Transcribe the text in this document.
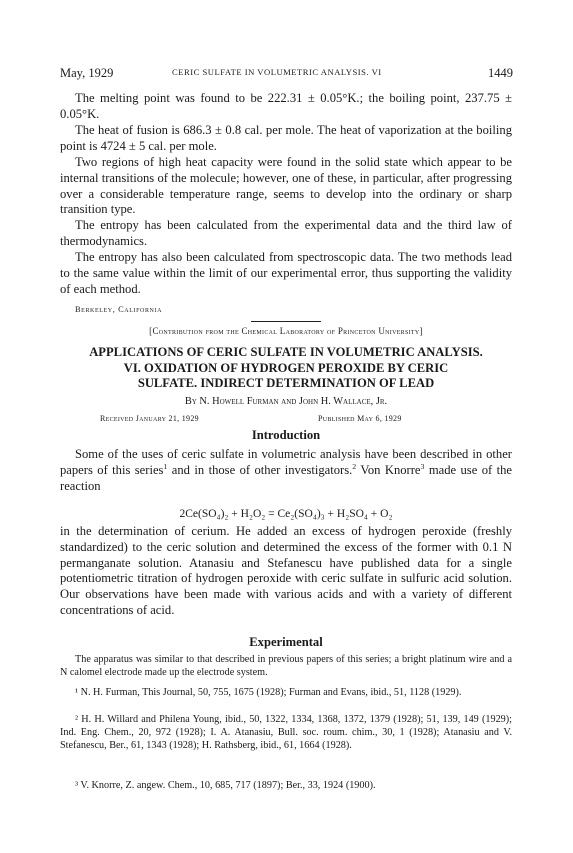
May, 1929	CERIC SULFATE IN VOLUMETRIC ANALYSIS. VI	1449

The melting point was found to be 222.31 ± 0.05°K.; the boiling point, 237.75 ± 0.05°K.

The heat of fusion is 686.3 ± 0.8 cal. per mole. The heat of vaporization at the boiling point is 4724 ± 5 cal. per mole.

Two regions of high heat capacity were found in the solid state which appear to be internal transitions of the molecule; however, one of these, in particular, after progressing over a considerable temperature range, seems to develop into the ordinary or sharp transition type.

The entropy has been calculated from the experimental data and the third law of thermodynamics.

The entropy has also been calculated from spectroscopic data. The two methods lead to the same value within the limit of our experimental error, thus supporting the validity of each method.

Berkeley, California
[Contribution from the Chemical Laboratory of Princeton University]
APPLICATIONS OF CERIC SULFATE IN VOLUMETRIC ANALYSIS.
VI. OXIDATION OF HYDROGEN PEROXIDE BY CERIC
SULFATE. INDIRECT DETERMINATION OF LEAD
By N. Howell Furman and John H. Wallace, Jr.
Received January 21, 1929	Published May 6, 1929
Introduction

Some of the uses of ceric sulfate in volumetric analysis have been described in other papers of this series$^1$ and in those of other investigators.$^2$ Von Knorre$^3$ made use of the reaction

2Ce(SO₄)₂ + H₂O₂ = Ce₂(SO₄)₃ + H₂SO₄ + O₂

in the determination of cerium. He added an excess of hydrogen peroxide (freshly standardized) to the ceric solution and determined the excess of the former with 0.1 N permanganate solution. Atanasiu and Stefanescu have published data for a single potentiometric titration of hydrogen peroxide with ceric sulfate in sulfuric acid solution. Our observations have been made with various acids and with a variety of different concentrations of acid.

Experimental

The apparatus was similar to that described in previous papers of this series; a bright platinum wire and a N calomel electrode made up the electrode system.

¹ N. H. Furman, This Journal, 50, 755, 1675 (1928); Furman and Evans, ibid., 51, 1128 (1929).

² H. H. Willard and Philena Young, ibid., 50, 1322, 1334, 1368, 1372, 1379 (1928); 51, 139, 149 (1929); Ind. Eng. Chem., 20, 972 (1928); I. A. Atanasiu, Bull. soc. roum. chim., 30, 1 (1928); Atanasiu and V. Stefanescu, Ber., 61, 1343 (1928); H. Rathsberg, ibid., 61, 1664 (1928).

³ V. Knorre, Z. angew. Chem., 10, 685, 717 (1897); Ber., 33, 1924 (1900).
